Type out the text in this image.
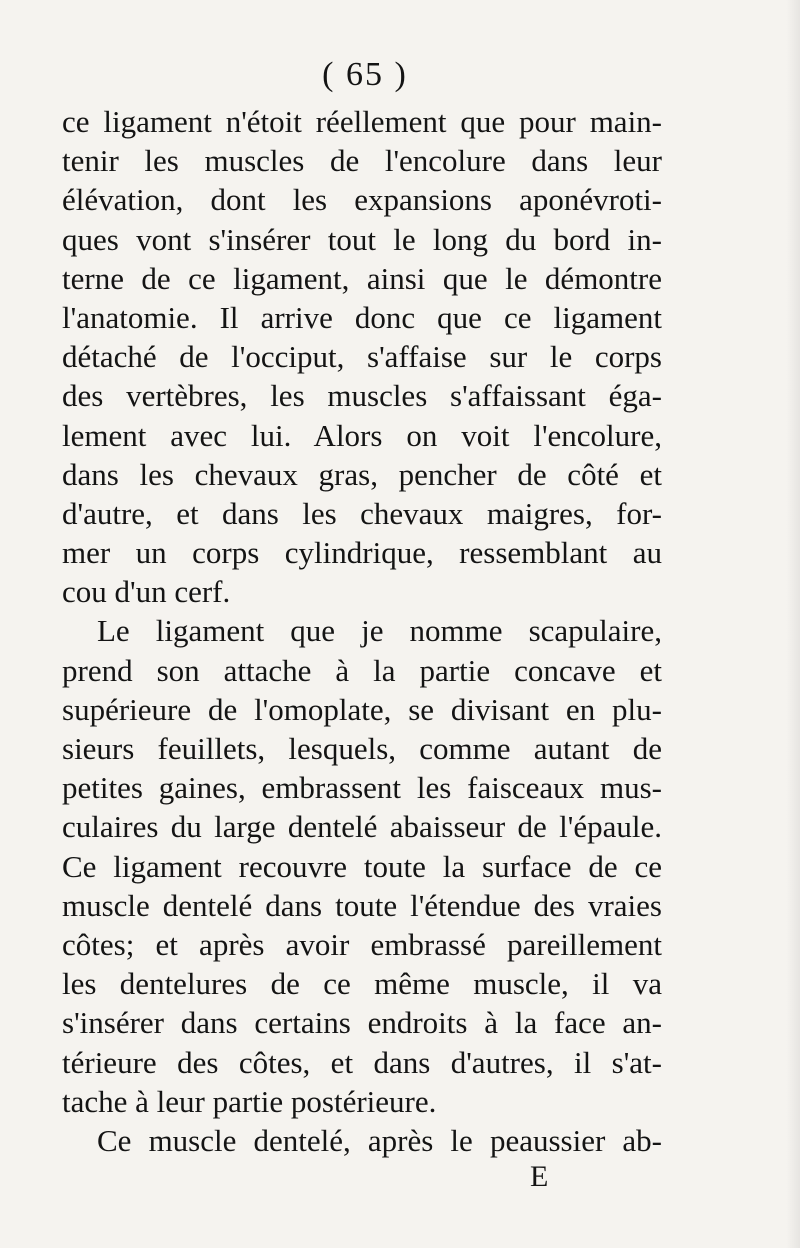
( 65 )
ce ligament n'étoit réellement que pour main-
tenir les muscles de l'encolure dans leur
élévation, dont les expansions aponévroti-
ques vont s'insérer tout le long du bord in-
terne de ce ligament, ainsi que le démontre
l'anatomie. Il arrive donc que ce ligament
détaché de l'occiput, s'affaise sur le corps
des vertèbres, les muscles s'affaissant éga-
lement avec lui. Alors on voit l'encolure,
dans les chevaux gras, pencher de côté et
d'autre, et dans les chevaux maigres, for-
mer un corps cylindrique, ressemblant au
cou d'un cerf.
Le ligament que je nomme scapulaire,
prend son attache à la partie concave et
supérieure de l'omoplate, se divisant en plu-
sieurs feuillets, lesquels, comme autant de
petites gaines, embrassent les faisceaux mus-
culaires du large dentelé abaisseur de l'épaule.
Ce ligament recouvre toute la surface de ce
muscle dentelé dans toute l'étendue des vraies
côtes; et après avoir embrassé pareillement
les dentelures de ce même muscle, il va
s'insérer dans certains endroits à la face an-
térieure des côtes, et dans d'autres, il s'at-
tache à leur partie postérieure.
Ce muscle dentelé, après le peaussier ab-
E
